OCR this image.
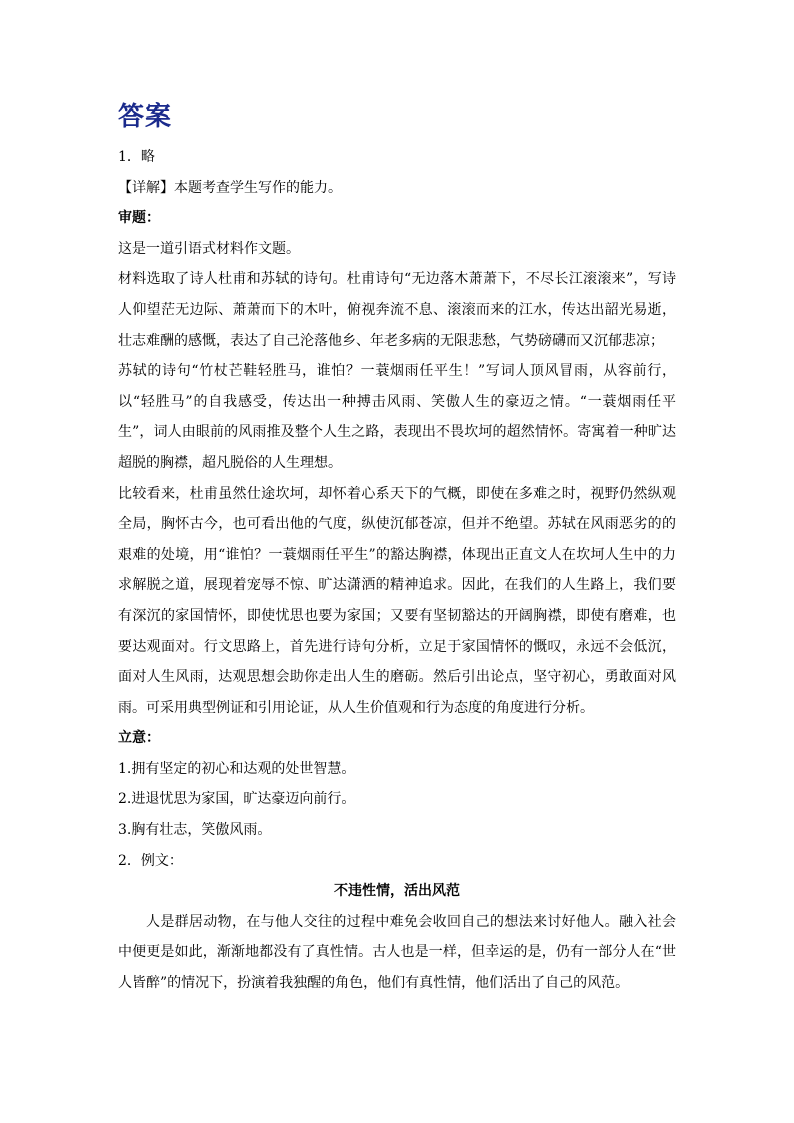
答案

1．略

【详解】本题考查学生写作的能力。

审题：

这是一道引语式材料作文题。

材料选取了诗人杜甫和苏轼的诗句。杜甫诗句“无边落木萧萧下，不尽长江滚滚来”，写诗人仰望茫无边际、萧萧而下的木叶，俯视奔流不息、滚滚而来的江水，传达出韶光易逝，壮志难酬的感慨，表达了自己沦落他乡、年老多病的无限悲愁，气势磅礴而又沉郁悲凉；

苏轼的诗句“竹杖芒鞋轻胜马，谁怕？一蓑烟雨任平生！”写词人顶风冒雨，从容前行，以“轻胜马”的自我感受，传达出一种搏击风雨、笑傲人生的豪迈之情。“一蓑烟雨任平生”，词人由眼前的风雨推及整个人生之路，表现出不畏坎坷的超然情怀。寄寓着一种旷达超脱的胸襟，超凡脱俗的人生理想。

比较看来，杜甫虽然仕途坎坷，却怀着心系天下的气概，即使在多难之时，视野仍然纵观全局，胸怀古今，也可看出他的气度，纵使沉郁苍凉，但并不绝望。苏轼在风雨恶劣的的艰难的处境，用“谁怕？一蓑烟雨任平生”的豁达胸襟，体现出正直文人在坎坷人生中的力求解脱之道，展现着宠辱不惊、旷达潇洒的精神追求。因此，在我们的人生路上，我们要有深沉的家国情怀，即使忧思也要为家国；又要有坚韧豁达的开阔胸襟，即使有磨难，也要达观面对。行文思路上，首先进行诗句分析，立足于家国情怀的慨叹，永远不会低沉，面对人生风雨，达观思想会助你走出人生的磨砺。然后引出论点，坚守初心，勇敢面对风雨。可采用典型例证和引用论证，从人生价值观和行为态度的角度进行分析。

立意：

1.拥有坚定的初心和达观的处世智慧。

2.进退忧思为家国，旷达豪迈向前行。

3.胸有壮志，笑傲风雨。

2．例文：

不违性情，活出风范

人是群居动物，在与他人交往的过程中难免会收回自己的想法来讨好他人。融入社会中便更是如此，渐渐地都没有了真性情。古人也是一样，但幸运的是，仍有一部分人在“世人皆醉”的情况下，扮演着我独醒的角色，他们有真性情，他们活出了自己的风范。
